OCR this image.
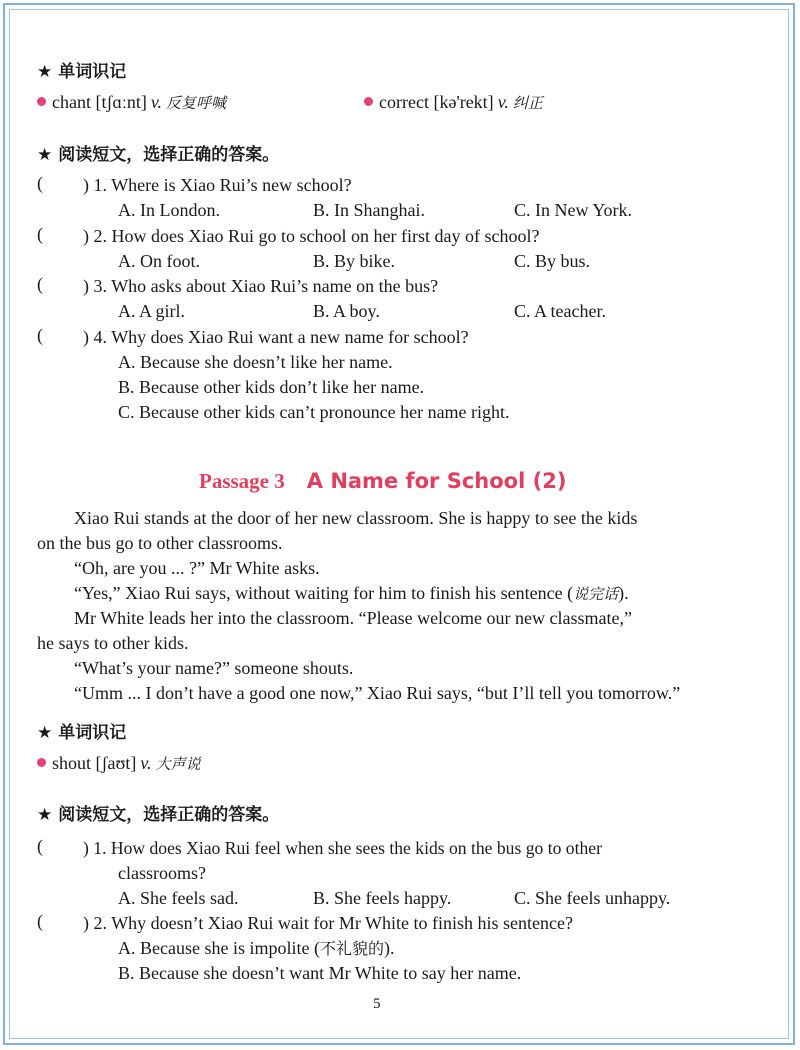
★ 单词识记
chant [tʃɑːnt] v. 反复呼喊	correct [kə'rekt] v. 纠正
★ 阅读短文，选择正确的答案。
( ) 1. Where is Xiao Rui’s new school?
A. In London.	B. In Shanghai.	C. In New York.
( ) 2. How does Xiao Rui go to school on her first day of school?
A. On foot.	B. By bike.	C. By bus.
( ) 3. Who asks about Xiao Rui’s name on the bus?
A. A girl.	B. A boy.	C. A teacher.
( ) 4. Why does Xiao Rui want a new name for school?
A. Because she doesn’t like her name.
B. Because other kids don’t like her name.
C. Because other kids can’t pronounce her name right.
Passage 3 A Name for School (2)
Xiao Rui stands at the door of her new classroom. She is happy to see the kids
on the bus go to other classrooms.
“Oh, are you ... ?” Mr White asks.
“Yes,” Xiao Rui says, without waiting for him to finish his sentence (说完话).
Mr White leads her into the classroom. “Please welcome our new classmate,”
he says to other kids.
“What’s your name?” someone shouts.
“Umm ... I don’t have a good one now,” Xiao Rui says, “but I’ll tell you tomorrow.”
★ 单词识记
shout [ʃaʊt] v. 大声说
★ 阅读短文，选择正确的答案。
( ) 1. How does Xiao Rui feel when she sees the kids on the bus go to other
classrooms?
A. She feels sad.	B. She feels happy.	C. She feels unhappy.
( ) 2. Why doesn’t Xiao Rui wait for Mr White to finish his sentence?
A. Because she is impolite (不礼貌的).
B. Because she doesn’t want Mr White to say her name.
5
